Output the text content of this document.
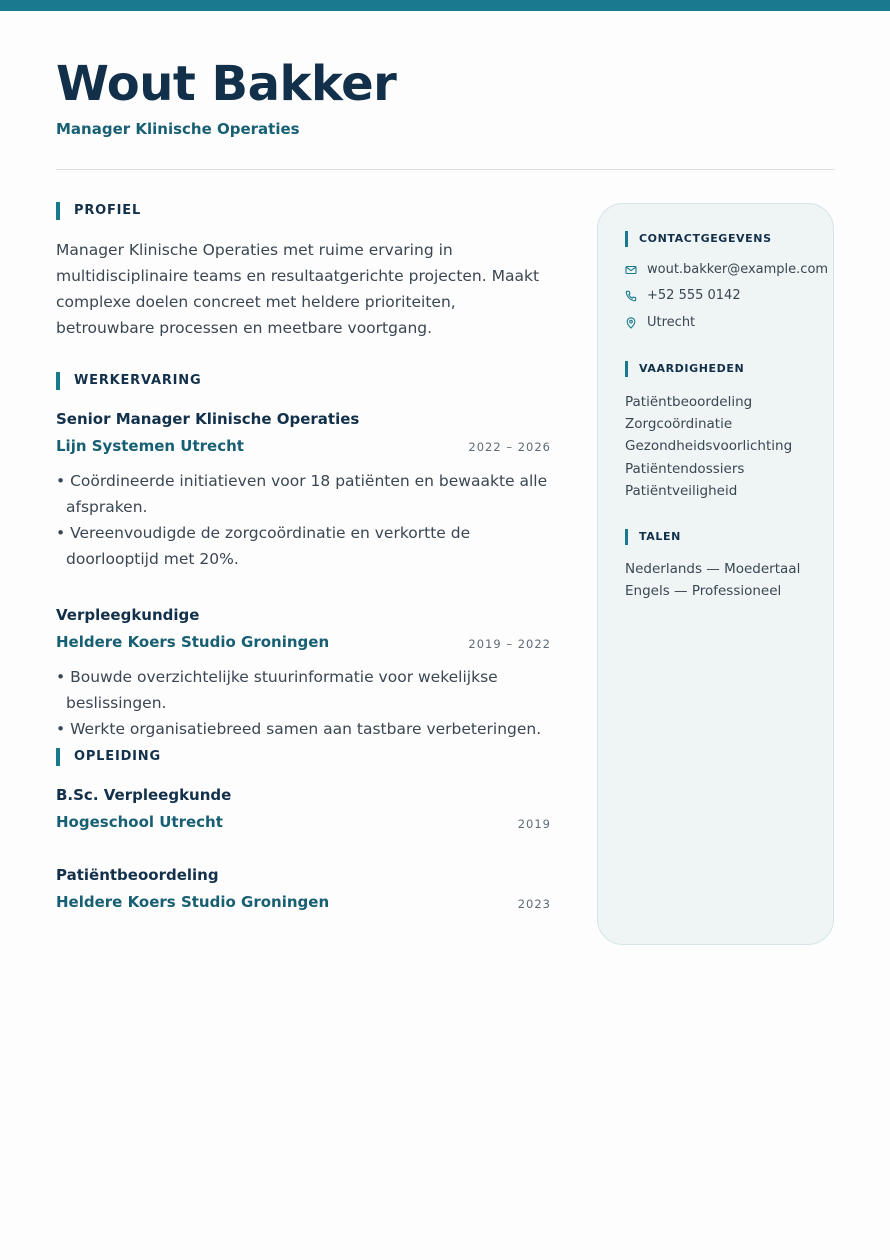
Wout Bakker
Manager Klinische Operaties
PROFIEL

Manager Klinische Operaties met ruime ervaring in multidisciplinaire teams en resultaatgerichte projecten. Maakt complexe doelen concreet met heldere prioriteiten, betrouwbare processen en meetbare voortgang.

WERKERVARING
Senior Manager Klinische Operaties
Lijn Systemen Utrecht	2022 – 2026
• Coördineerde initiatieven voor 18 patiënten en bewaakte alle afspraken.
• Vereenvoudigde de zorgcoördinatie en verkortte de doorlooptijd met 20%.
Verpleegkundige
Heldere Koers Studio Groningen	2019 – 2022
• Bouwde overzichtelijke stuurinformatie voor wekelijkse beslissingen.
• Werkte organisatiebreed samen aan tastbare verbeteringen.
OPLEIDING
B.Sc. Verpleegkunde
Hogeschool Utrecht	2019
Patiëntbeoordeling
Heldere Koers Studio Groningen	2023
CONTACTGEGEVENS
wout.bakker@example.com
+52 555 0142
Utrecht
VAARDIGHEDEN
Patiëntbeoordeling
Zorgcoördinatie
Gezondheidsvoorlichting
Patiëntendossiers
Patiëntveiligheid
TALEN
Nederlands — Moedertaal
Engels — Professioneel
